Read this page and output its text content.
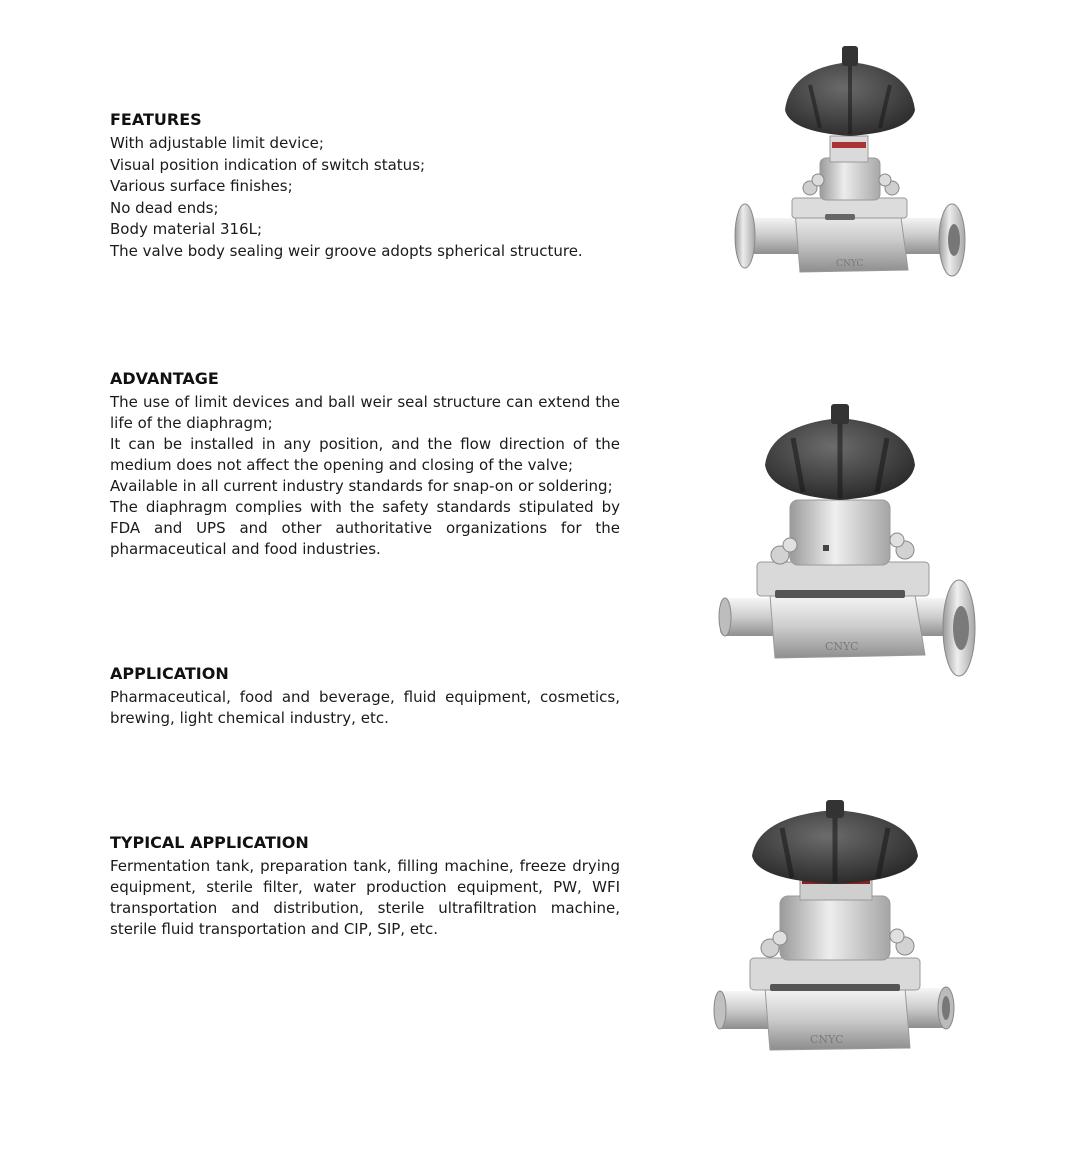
FEATURES

With adjustable limit device;

Visual position indication of switch status;

Various surface finishes;

No dead ends;

Body material 316L;

The valve body sealing weir groove adopts spherical structure.

ADVANTAGE
The use of limit devices and ball weir seal structure can extend the life of the diaphragm;
It can be installed in any position, and the flow direction of the medium does not affect the opening and closing of the valve;
Available in all current industry standards for snap-on or soldering;
The diaphragm complies with the safety standards stipulated by FDA and UPS and other authoritative organizations for the pharmaceutical and food industries.
APPLICATION

Pharmaceutical, food and beverage, fluid equipment, cosmetics, brewing, light chemical industry, etc.

TYPICAL APPLICATION

Fermentation tank, preparation tank, filling machine, freeze drying equipment, sterile filter, water production equipment, PW, WFI transportation and distribution, sterile ultrafiltration machine, sterile fluid transportation and CIP, SIP, etc.

CNYC
CNYC
CNYC
